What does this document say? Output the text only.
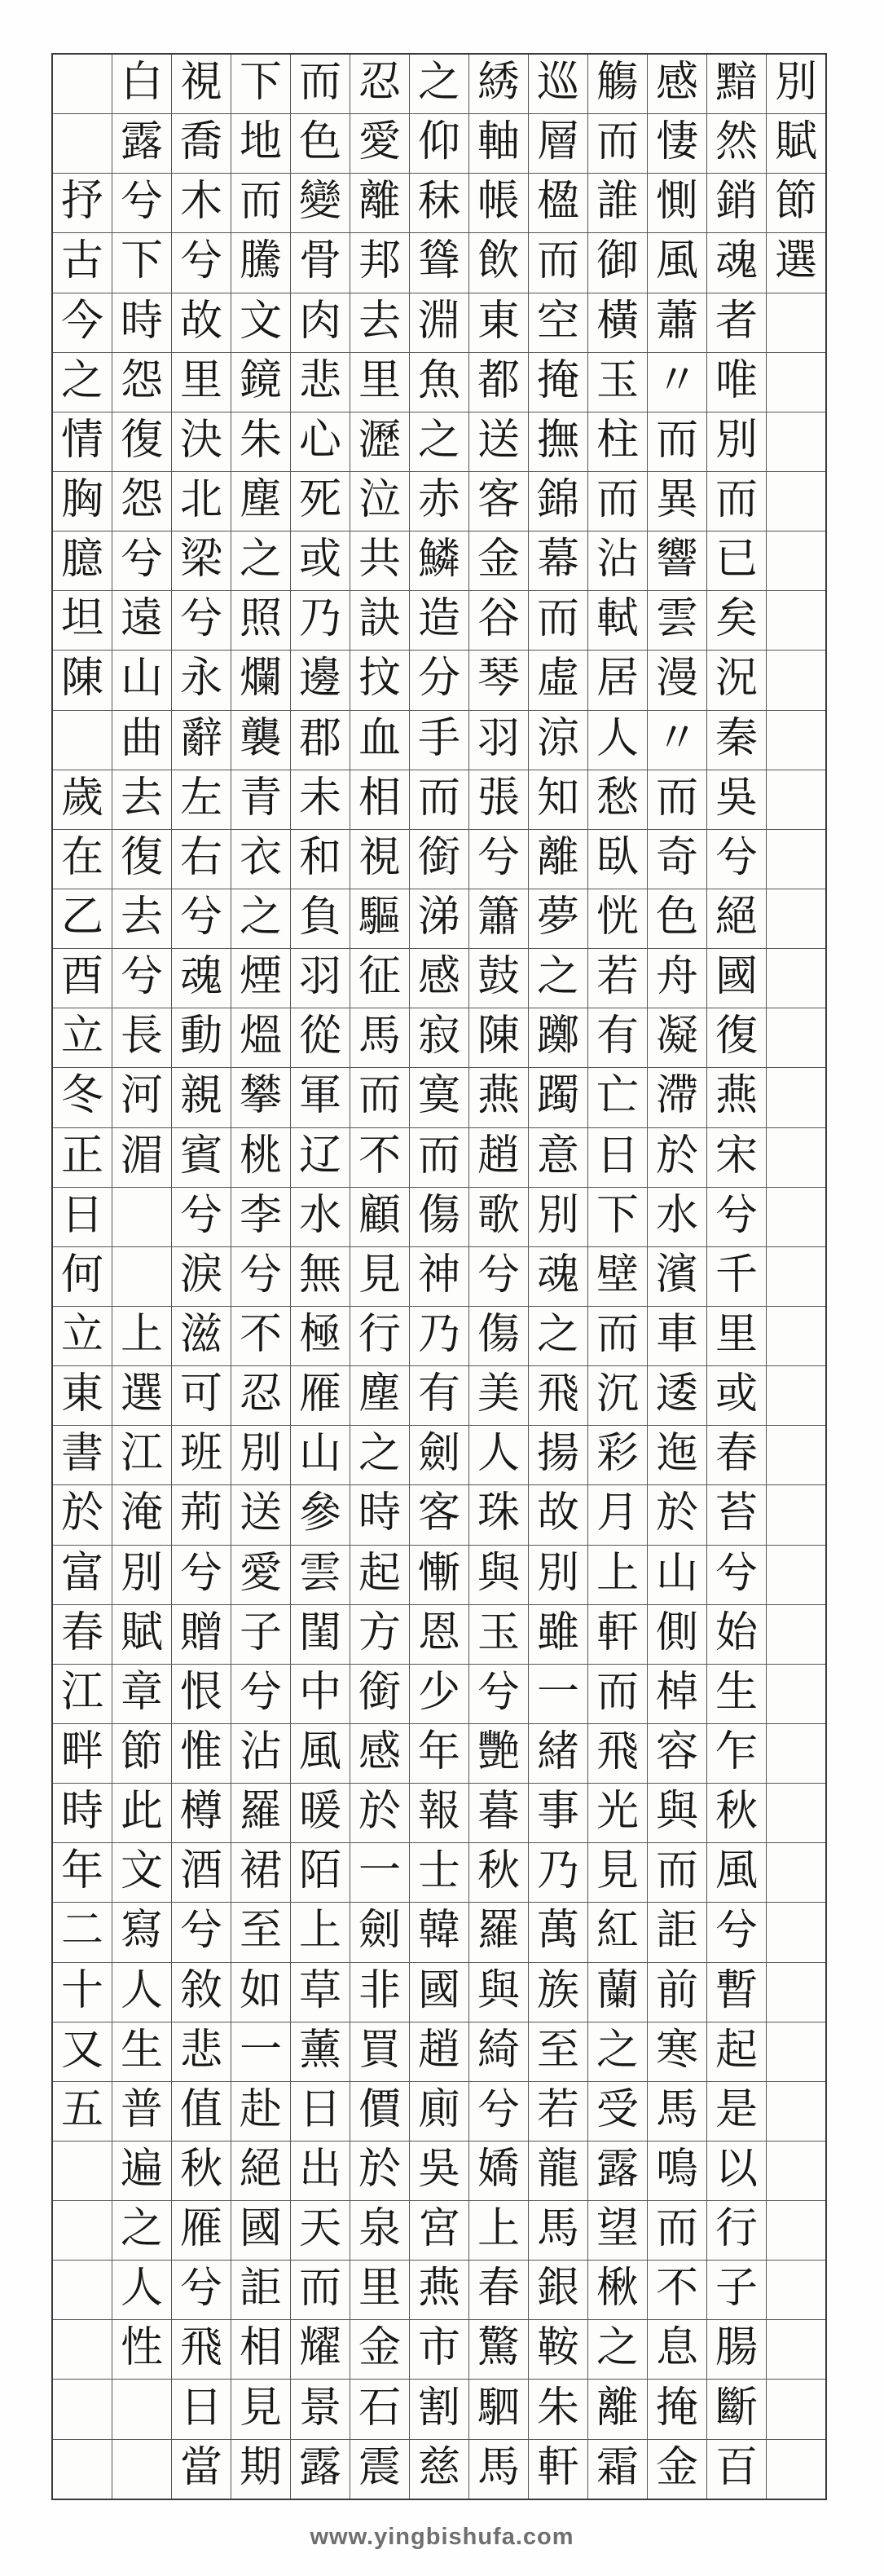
抒
古
今
之
情
胸
臆
坦
陳
歲
在
乙
酉
立
冬
正
日
何
立
東
書
於
富
春
江
畔
時
年
二
十
又
五
白
露
兮
下
時
怨
復
怨
兮
遠
山
曲
去
復
去
兮
長
河
湄
上
選
江
淹
別
賦
章
節
此
文
寫
人
生
普
遍
之
人
性
視
喬
木
兮
故
里
決
北
梁
兮
永
辭
左
右
兮
魂
動
親
賓
兮
淚
滋
可
班
荊
兮
贈
恨
惟
樽
酒
兮
敘
悲
值
秋
雁
兮
飛
日
當
下
地
而
騰
文
鏡
朱
塵
之
照
爛
襲
青
衣
之
煙
熅
攀
桃
李
兮
不
忍
別
送
愛
子
兮
沾
羅
裙
至
如
一
赴
絕
國
詎
相
見
期
而
色
變
骨
肉
悲
心
死
或
乃
邊
郡
未
和
負
羽
從
軍
辽
水
無
極
雁
山
參
雲
閨
中
風
暖
陌
上
草
薰
日
出
天
而
耀
景
露
忍
愛
離
邦
去
里
瀝
泣
共
訣
抆
血
相
視
驅
征
馬
而
不
顧
見
行
塵
之
時
起
方
銜
感
於
一
劍
非
買
價
於
泉
里
金
石
震
之
仰
秣
聳
淵
魚
之
赤
鱗
造
分
手
而
銜
涕
感
寂
寞
而
傷
神
乃
有
劍
客
慚
恩
少
年
報
士
韓
國
趙
廁
吳
宮
燕
市
割
慈
綉
軸
帳
飲
東
都
送
客
金
谷
琴
羽
張
兮
簫
鼓
陳
燕
趙
歌
兮
傷
美
人
珠
與
玉
兮
艷
暮
秋
羅
與
綺
兮
嬌
上
春
驚
駟
馬
巡
層
楹
而
空
掩
撫
錦
幕
而
虛
涼
知
離
夢
之
躑
躅
意
別
魂
之
飛
揚
故
別
雖
一
緒
事
乃
萬
族
至
若
龍
馬
銀
鞍
朱
軒
觴
而
誰
御
橫
玉
柱
而
沾
軾
居
人
愁
臥
恍
若
有
亡
日
下
壁
而
沉
彩
月
上
軒
而
飛
光
見
紅
蘭
之
受
露
望
楸
之
離
霜
感
悽
惻
風
蕭
〃
而
異
響
雲
漫
〃
而
奇
色
舟
凝
滯
於
水
濱
車
逶
迤
於
山
側
棹
容
與
而
詎
前
寒
馬
鳴
而
不
息
掩
金
黯
然
銷
魂
者
唯
別
而
已
矣
況
秦
吳
兮
絕
國
復
燕
宋
兮
千
里
或
春
苔
兮
始
生
乍
秋
風
兮
暫
起
是
以
行
子
腸
斷
百
別
賦
節
選
www.yingbishufa.com
